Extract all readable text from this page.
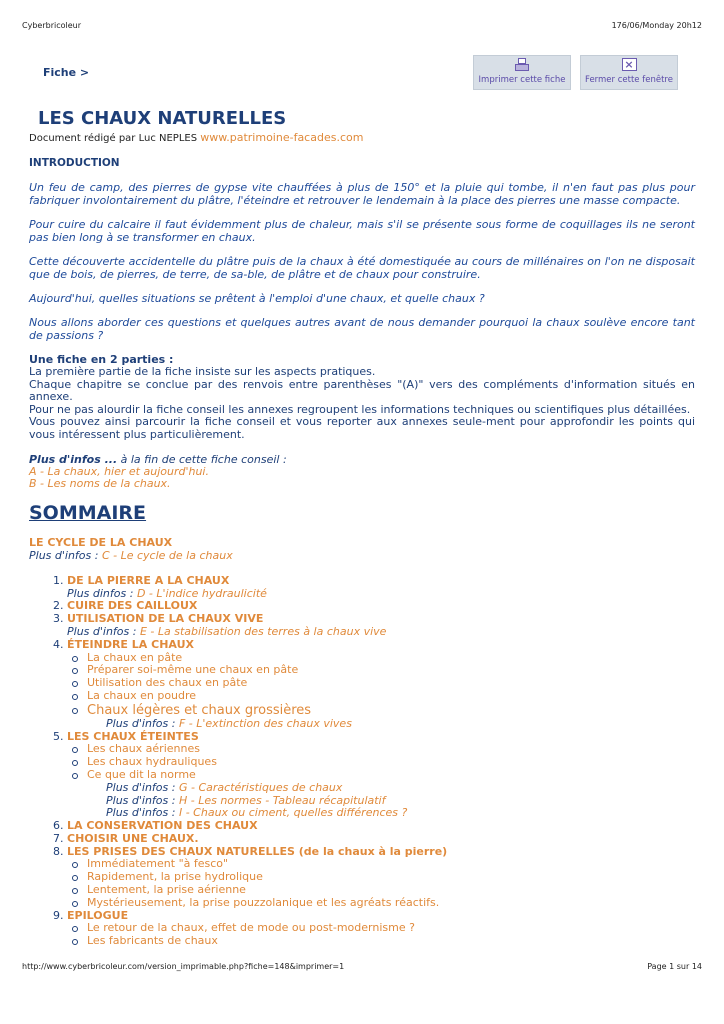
Cyberbricoleur	176/06/Monday 20h12
Fiche >
Imprimer cette fiche
×
Fermer cette fenêtre
LES CHAUX NATURELLES
Document rédigé par Luc NEPLES www.patrimoine-facades.com
INTRODUCTION

Un feu de camp, des pierres de gypse vite chauffées à plus de 150° et la pluie qui tombe, il n'en faut pas plus pour fabriquer involontairement du plâtre, l'éteindre et retrouver le lendemain à la place des pierres une masse compacte.

Pour cuire du calcaire il faut évidemment plus de chaleur, mais s'il se présente sous forme de coquillages ils ne seront pas bien long à se transformer en chaux.

Cette découverte accidentelle du plâtre puis de la chaux à été domestiquée au cours de millénaires on l'on ne disposait que de bois, de pierres, de terre, de sa-ble, de plâtre et de chaux pour construire.

Aujourd'hui, quelles situations se prêtent à l'emploi d'une chaux, et quelle chaux ?

Nous allons aborder ces questions et quelques autres avant de nous demander pourquoi la chaux soulève encore tant de passions ?

Une fiche en 2 parties :

La première partie de la fiche insiste sur les aspects pratiques.

Chaque chapitre se conclue par des renvois entre parenthèses "(A)" vers des compléments d'information situés en annexe.

Pour ne pas alourdir la fiche conseil les annexes regroupent les informations techniques ou scientifiques plus détaillées.

Vous pouvez ainsi parcourir la fiche conseil et vous reporter aux annexes seule-ment pour approfondir les points qui vous intéressent plus particulièrement.

Plus d'infos ... à la fin de cette fiche conseil :
A - La chaux, hier et aujourd'hui.
B - Les noms de la chaux.
SOMMAIRE
LE CYCLE DE LA CHAUX
Plus d'infos : C - Le cycle de la chaux
1. DE LA PIERRE A LA CHAUX
Plus dinfos : D - L'indice hydraulicité
2. CUIRE DES CAILLOUX
3. UTILISATION DE LA CHAUX VIVE
Plus d'infos : E - La stabilisation des terres à la chaux vive
4. ÉTEINDRE LA CHAUX
La chaux en pâte
Préparer soi-même une chaux en pâte
Utilisation des chaux en pâte
La chaux en poudre
Chaux légères et chaux grossières
Plus d'infos : F - L'extinction des chaux vives
5. LES CHAUX ÉTEINTES
Les chaux aériennes
Les chaux hydrauliques
Ce que dit la norme
Plus d'infos : G - Caractéristiques de chaux
Plus d'infos : H - Les normes - Tableau récapitulatif
Plus d'infos : I - Chaux ou ciment, quelles différences ?
6. LA CONSERVATION DES CHAUX
7. CHOISIR UNE CHAUX.
8. LES PRISES DES CHAUX NATURELLES (de la chaux à la pierre)
Immédiatement "à fesco"
Rapidement, la prise hydrolique
Lentement, la prise aérienne
Mystérieusement, la prise pouzzolanique et les agréats réactifs.
9. EPILOGUE
Le retour de la chaux, effet de mode ou post-modernisme ?
Les fabricants de chaux
http://www.cyberbricoleur.com/version_imprimable.php?fiche=148&imprimer=1	Page 1 sur 14
